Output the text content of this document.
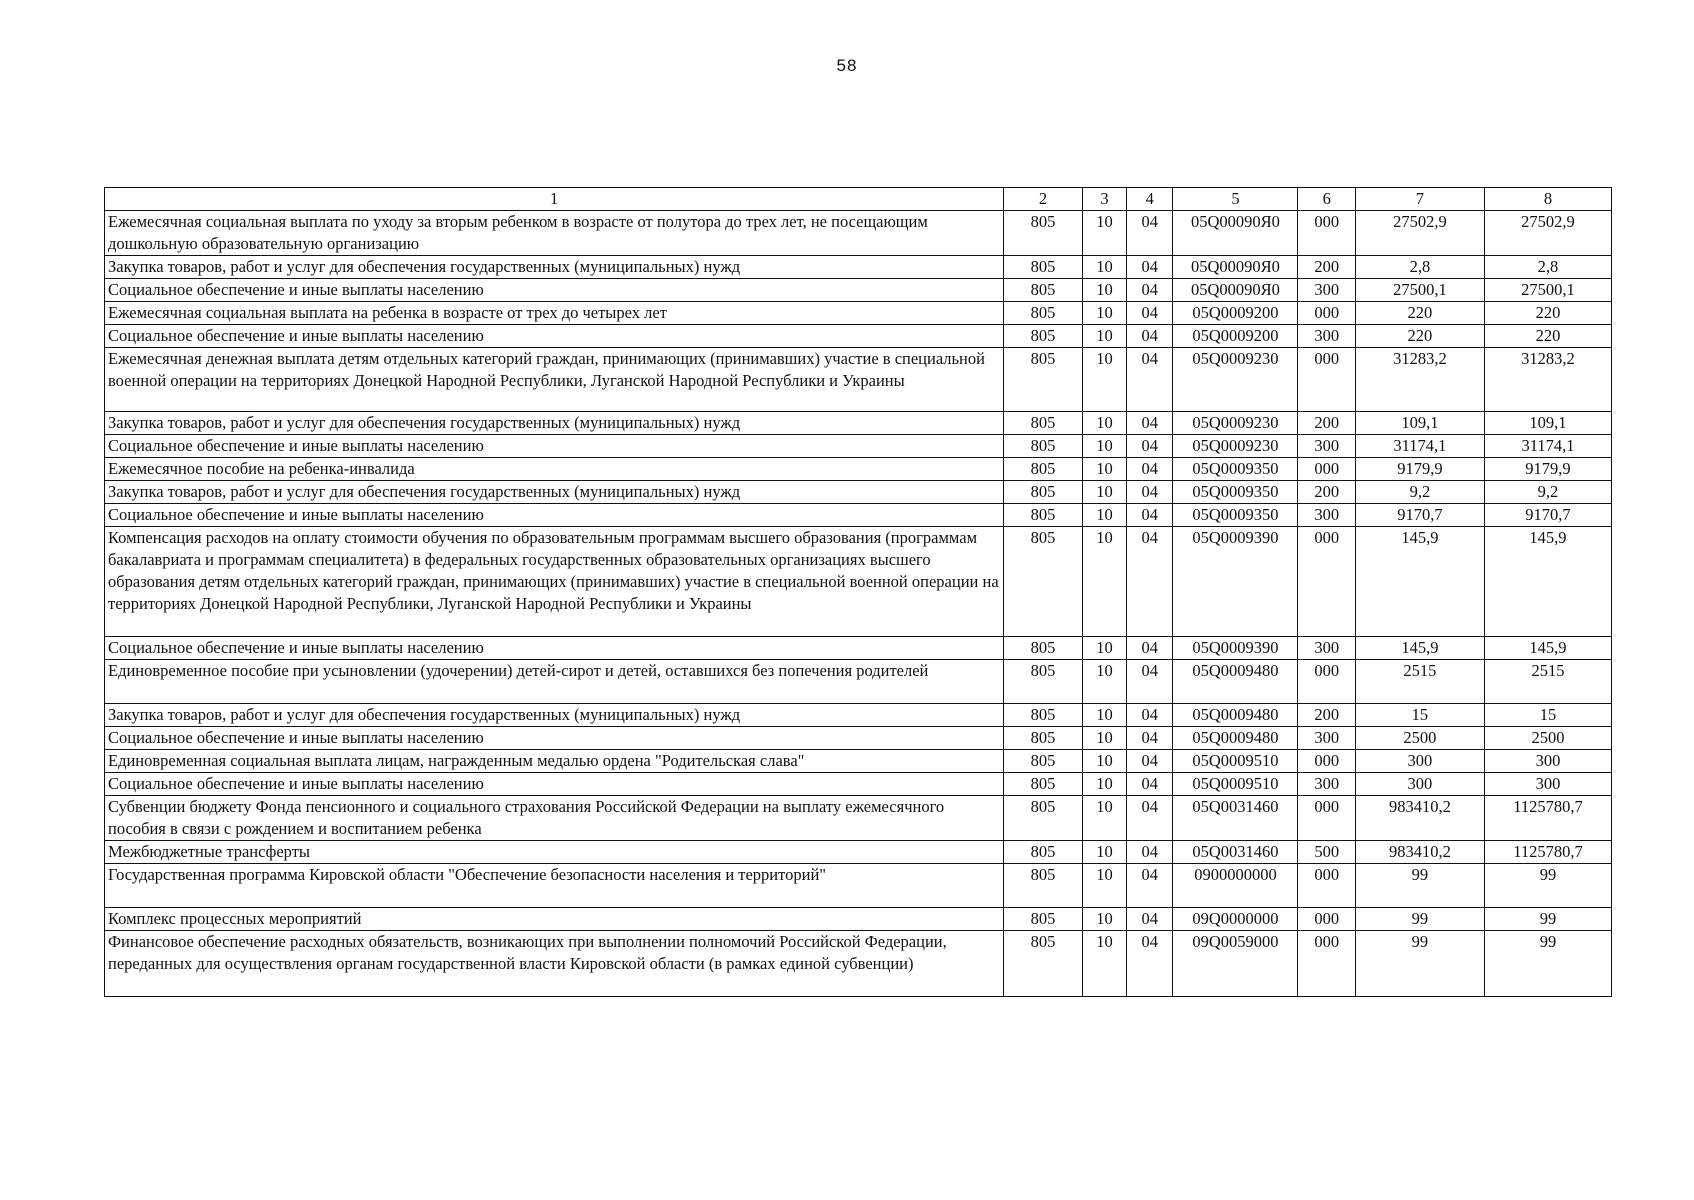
58
1	2	3	4	5	6	7	8
Ежемесячная социальная выплата по уходу за вторым ребенком в возрасте от полутора до трех лет, не посещающим дошкольную образовательную организацию	805	10	04	05Q00090Я0	000	27502,9	27502,9
Закупка товаров, работ и услуг для обеспечения государственных (муниципальных) нужд	805	10	04	05Q00090Я0	200	2,8	2,8
Социальное обеспечение и иные выплаты населению	805	10	04	05Q00090Я0	300	27500,1	27500,1
Ежемесячная социальная выплата на ребенка в возрасте от трех до четырех лет	805	10	04	05Q0009200	000	220	220
Социальное обеспечение и иные выплаты населению	805	10	04	05Q0009200	300	220	220
Ежемесячная денежная выплата детям отдельных категорий граждан, принимающих (принимавших) участие в специальной военной операции на территориях Донецкой Народной Республики, Луганской Народной Республики и Украины	805	10	04	05Q0009230	000	31283,2	31283,2
Закупка товаров, работ и услуг для обеспечения государственных (муниципальных) нужд	805	10	04	05Q0009230	200	109,1	109,1
Социальное обеспечение и иные выплаты населению	805	10	04	05Q0009230	300	31174,1	31174,1
Ежемесячное пособие на ребенка-инвалида	805	10	04	05Q0009350	000	9179,9	9179,9
Закупка товаров, работ и услуг для обеспечения государственных (муниципальных) нужд	805	10	04	05Q0009350	200	9,2	9,2
Социальное обеспечение и иные выплаты населению	805	10	04	05Q0009350	300	9170,7	9170,7
Компенсация расходов на оплату стоимости обучения по образовательным программам высшего образования (программам бакалавриата и программам специалитета) в федеральных государственных образовательных организациях высшего образования детям отдельных категорий граждан, принимающих (принимавших) участие в специальной военной операции на территориях Донецкой Народной Республики, Луганской Народной Республики и Украины	805	10	04	05Q0009390	000	145,9	145,9
Социальное обеспечение и иные выплаты населению	805	10	04	05Q0009390	300	145,9	145,9
Единовременное пособие при усыновлении (удочерении) детей-сирот и детей, оставшихся без попечения родителей	805	10	04	05Q0009480	000	2515	2515
Закупка товаров, работ и услуг для обеспечения государственных (муниципальных) нужд	805	10	04	05Q0009480	200	15	15
Социальное обеспечение и иные выплаты населению	805	10	04	05Q0009480	300	2500	2500
Единовременная социальная выплата лицам, награжденным медалью ордена "Родительская слава"	805	10	04	05Q0009510	000	300	300
Социальное обеспечение и иные выплаты населению	805	10	04	05Q0009510	300	300	300
Субвенции бюджету Фонда пенсионного и социального страхования Российской Федерации на выплату ежемесячного пособия в связи с рождением и воспитанием ребенка	805	10	04	05Q0031460	000	983410,2	1125780,7
Межбюджетные трансферты	805	10	04	05Q0031460	500	983410,2	1125780,7
Государственная программа Кировской области "Обеспечение безопасности населения и территорий"	805	10	04	0900000000	000	99	99
Комплекс процессных мероприятий	805	10	04	09Q0000000	000	99	99
Финансовое обеспечение расходных обязательств, возникающих при выполнении полномочий Российской Федерации, переданных для осуществления органам государственной власти Кировской области (в рамках единой субвенции)	805	10	04	09Q0059000	000	99	99
